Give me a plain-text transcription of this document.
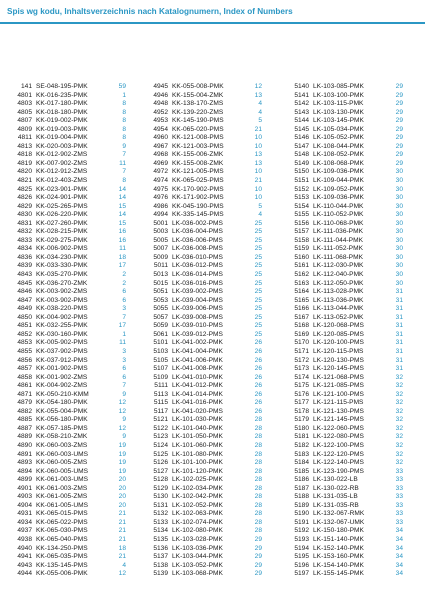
Spis wg kodu, Inhaltsverzeichnis nach Katalognumern, Index of Numbers
141 SE-048-195-PMK	59	4945 KK-055-008-PMK	12	5140 LK-103-085-PMK	29
4801 KK-016-235-PMK	1	4946 KK-155-004-ZMK	13	5141 LK-103-100-PMK	29
4803 KK-017-180-PMK	8	4948 KK-138-170-ZMS	4	5142 LK-103-115-PMK	29
4805 KK-018-180-PMK	8	4952 KK-139-220-ZMS	4	5143 LK-103-130-PMK	29
4807 KK-019-002-PMK	8	4953 KK-145-190-PMS	5	5144 LK-103-145-PMK	29
4809 KK-019-003-PMK	8	4954 KK-065-020-PMS	21	5145 LK-105-034-PMK	29
4811 KK-019-004-PMK	8	4960 KK-121-008-PMS	10	5146 LK-105-052-PMK	29
4813 KK-020-003-PMK	9	4967 KK-121-003-PMS	10	5147 LK-108-044-PMK	29
4818 KK-012-902-ZMS	7	4968 KK-155-006-ZMK	13	5148 LK-108-052-PMK	29
4819 KK-007-902-ZMS	11	4969 KK-155-008-ZMK	13	5149 LK-108-068-PMK	29
4820 KK-012-912-ZMS	7	4972 KK-121-005-PMS	10	5150 LK-109-036-PMK	30
4821 KK-012-403-ZMS	8	4974 KK-065-025-PMS	21	5151 LK-109-044-PMK	30
4825 KK-023-901-PMK	14	4975 KK-170-902-PMS	10	5152 LK-109-052-PMK	30
4826 KK-024-901-PMK	14	4976 KK-171-902-PMS	10	5153 LK-109-036-PMK	30
4829 KK-025-265-PMS	15	4986 KK-045-190-PMS	5	5154 LK-110-044-PMK	30
4830 KK-026-220-PMK	14	4994 KK-335-145-PMS	4	5155 LK-110-052-PMK	30
4831 KK-027-260-PMK	15	5001 LK-036-002-PMS	25	5156 LK-110-068-PMK	30
4832 KK-028-215-PMK	16	5003 LK-036-004-PMS	25	5157 LK-111-036-PMK	30
4833 KK-029-275-PMK	16	5005 LK-036-006-PMS	25	5158 LK-111-044-PMK	30
4834 KK-006-902-PMS	11	5007 LK-036-008-PMS	25	5159 LK-111-052-PMK	30
4836 KK-034-230-PMK	18	5009 LK-036-010-PMS	25	5160 LK-111-068-PMK	30
4839 KK-033-330-PMK	17	5011 LK-036-012-PMS	25	5161 LK-112-030-PMK	30
4843 KK-035-270-PMK	2	5013 LK-036-014-PMS	25	5162 LK-112-040-PMK	30
4845 KK-036-270-ZMK	2	5015 LK-036-016-PMS	25	5163 LK-112-050-PMK	30
4846 KK-003-902-ZMS	6	5051 LK-039-002-PMS	25	5164 LK-113-028-PMK	31
4847 KK-003-902-PMS	6	5053 LK-039-004-PMS	25	5165 LK-113-036-PMK	31
4849 KK-038-220-PMS	3	5055 LK-039-006-PMS	25	5166 LK-113-044-PMK	31
4850 KK-004-902-PMS	7	5057 LK-039-008-PMS	25	5167 LK-113-052-PMK	31
4851 KK-032-255-PMK	17	5059 LK-039-010-PMS	25	5168 LK-120-068-PMS	31
4852 KK-030-160-PMK	1	5061 LK-039-012-PMS	25	5169 LK-120-085-PMS	31
4853 KK-005-902-PMS	11	5101 LK-041-002-PMK	26	5170 LK-120-100-PMS	31
4855 KK-037-902-PMS	3	5103 LK-041-004-PMK	26	5171 LK-120-115-PMS	31
4856 KK-037-912-PMS	3	5105 LK-041-006-PMK	26	5172 LK-120-130-PMS	31
4857 KK-001-902-PMS	6	5107 LK-041-008-PMK	26	5173 LK-120-145-PMS	31
4858 KK-001-902-ZMS	6	5109 LK-041-010-PMK	26	5174 LK-121-068-PMS	32
4861 KK-004-902-ZMS	7	5111 LK-041-012-PMK	26	5175 LK-121-085-PMS	32
4871 KK-050-210-KMM	9	5113 LK-041-014-PMK	26	5176 LK-121-100-PMS	32
4879 KK-054-180-PMK	12	5115 LK-041-016-PMK	26	5177 LK-121-115-PMS	32
4882 KK-055-004-PMK	12	5117 LK-041-020-PMS	26	5178 LK-121-130-PMS	32
4885 KK-056-180-PMK	9	5121 LK-101-030-PMK	28	5179 LK-121-145-PMS	32
4887 KK-057-185-PMS	12	5122 LK-101-040-PMK	28	5180 LK-122-060-PMS	32
4889 KK-058-210-ZMK	9	5123 LK-101-050-PMK	28	5181 LK-122-080-PMS	32
4890 KK-060-003-ZMS	19	5124 LK-101-060-PMK	28	5182 LK-122-100-PMS	32
4891 KK-060-003-UMS	19	5125 LK-101-080-PMK	28	5183 LK-122-120-PMS	32
4893 KK-060-005-ZMS	19	5126 LK-101-100-PMK	28	5184 LK-122-140-PMS	32
4894 KK-060-005-UMS	19	5127 LK-101-120-PMK	28	5185 LK-123-190-PMS	33
4899 KK-061-003-UMS	20	5128 LK-102-025-PMK	28	5186 LK-130-022-LB	33
4901 KK-061-003-ZMS	20	5129 LK-102-034-PMK	28	5187 LK-130-022-RB	33
4903 KK-061-005-ZMS	20	5130 LK-102-042-PMK	28	5188 LK-131-035-LB	33
4904 KK-061-005-UMS	20	5131 LK-102-052-PMK	28	5189 LK-131-035-RB	33
4931 KK-065-015-PMS	21	5132 LK-102-063-PMK	28	5190 LK-132-067-RMK	33
4934 KK-065-022-PMS	21	5133 LK-102-074-PMK	28	5191 LK-132-067-UMK	33
4937 KK-065-030-PMS	21	5134 LK-102-080-PMK	28	5192 LK-150-180-PMK	34
4938 KK-065-040-PMS	21	5135 LK-103-028-PMK	29	5193 LK-151-140-PMK	34
4940 KK-134-250-PMS	18	5136 LK-103-036-PMK	29	5194 LK-152-140-PMK	34
4941 KK-065-035-PMS	21	5137 LK-103-044-PMK	29	5195 LK-153-160-PMK	34
4943 KK-135-145-PMS	4	5138 LK-103-052-PMK	29	5196 LK-154-140-PMK	34
4944 KK-055-006-PMK	12	5139 LK-103-068-PMK	29	5197 LK-155-145-PMK	34
